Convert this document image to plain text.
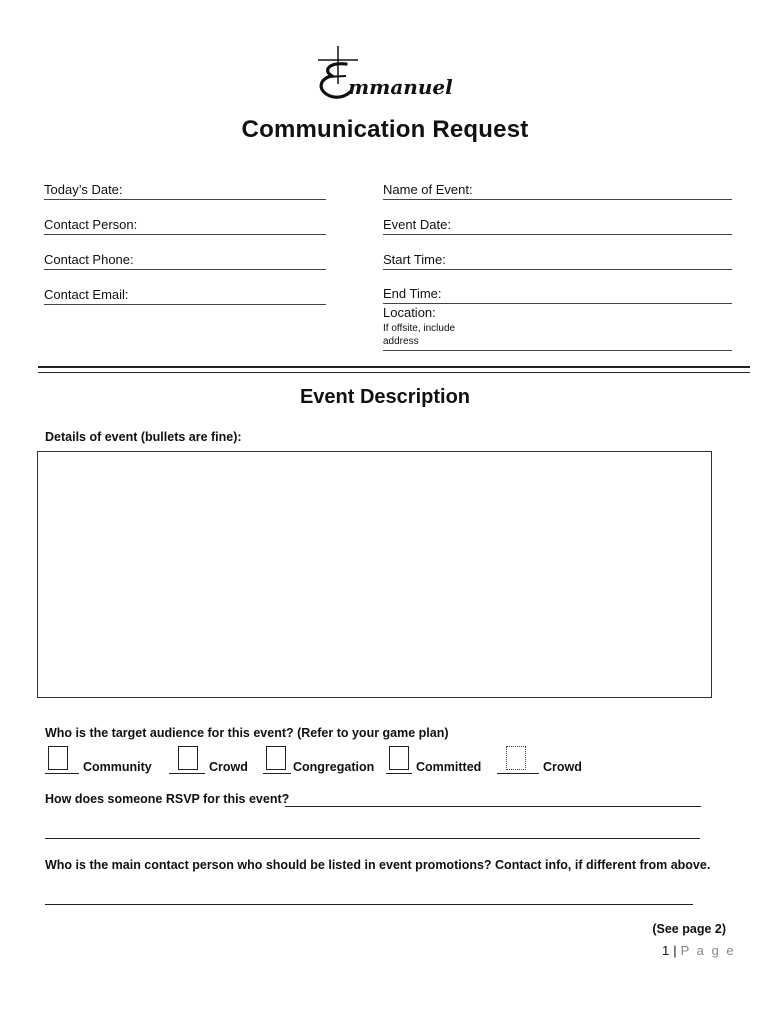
mmanuel
Communication Request
Today’s Date:
Contact Person:
Contact Phone:
Contact Email:
Name of Event:
Event Date:
Start Time:
End Time:
Location:
If offsite, include
address
Event Description
Details of event (bullets are fine):
Who is the target audience for this event? (Refer to your game plan)
Community	Crowd	Congregation	Committed	Crowd
How does someone RSVP for this event?
Who is the main contact person who should be listed in event promotions? Contact info, if different from above.
(See page 2)
1 | P a g e
